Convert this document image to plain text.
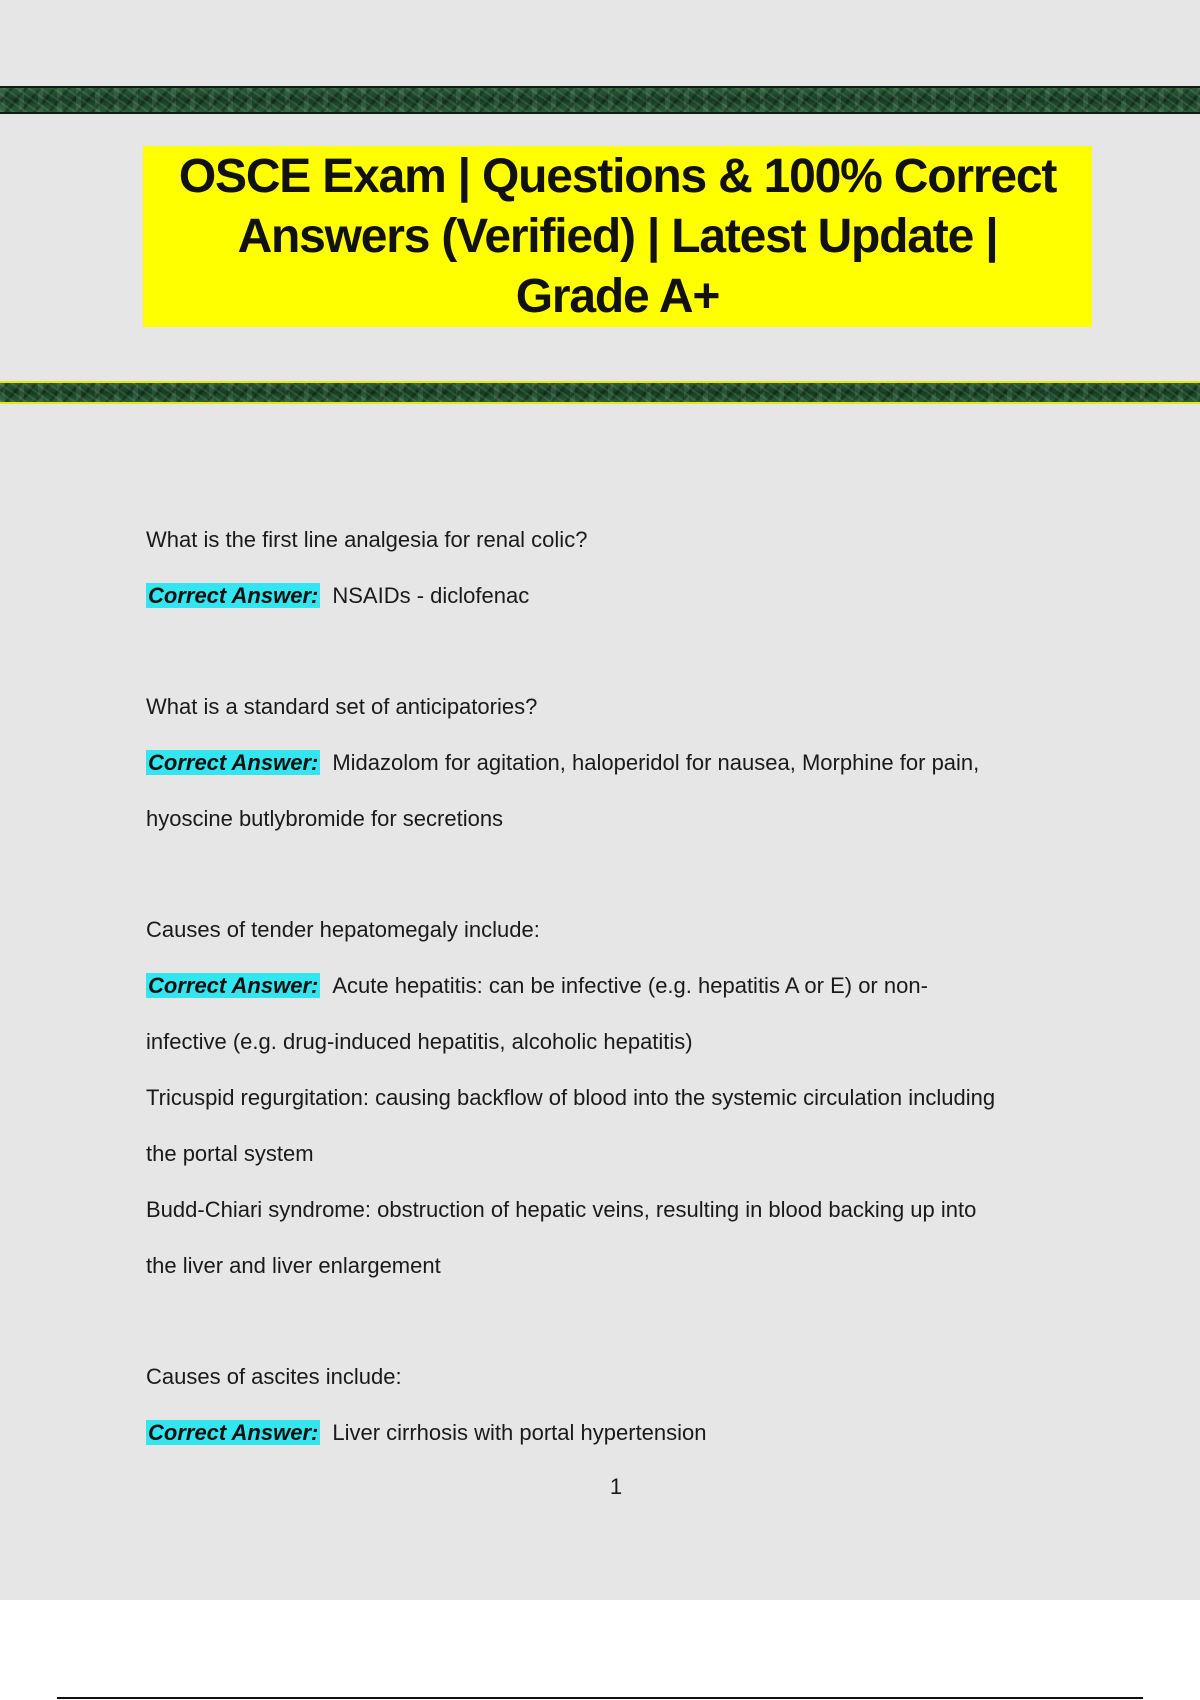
OSCE Exam | Questions & 100% Correct Answers (Verified) | Latest Update | Grade A+
What is the first line analgesia for renal colic?
Correct Answer: NSAIDs - diclofenac
What is a standard set of anticipatories?
Correct Answer: Midazolom for agitation, haloperidol for nausea, Morphine for pain,
hyoscine butlybromide for secretions
Causes of tender hepatomegaly include:
Correct Answer: Acute hepatitis: can be infective (e.g. hepatitis A or E) or non-
infective (e.g. drug-induced hepatitis, alcoholic hepatitis)
Tricuspid regurgitation: causing backflow of blood into the systemic circulation including
the portal system
Budd-Chiari syndrome: obstruction of hepatic veins, resulting in blood backing up into
the liver and liver enlargement
Causes of ascites include:
Correct Answer: Liver cirrhosis with portal hypertension
1
